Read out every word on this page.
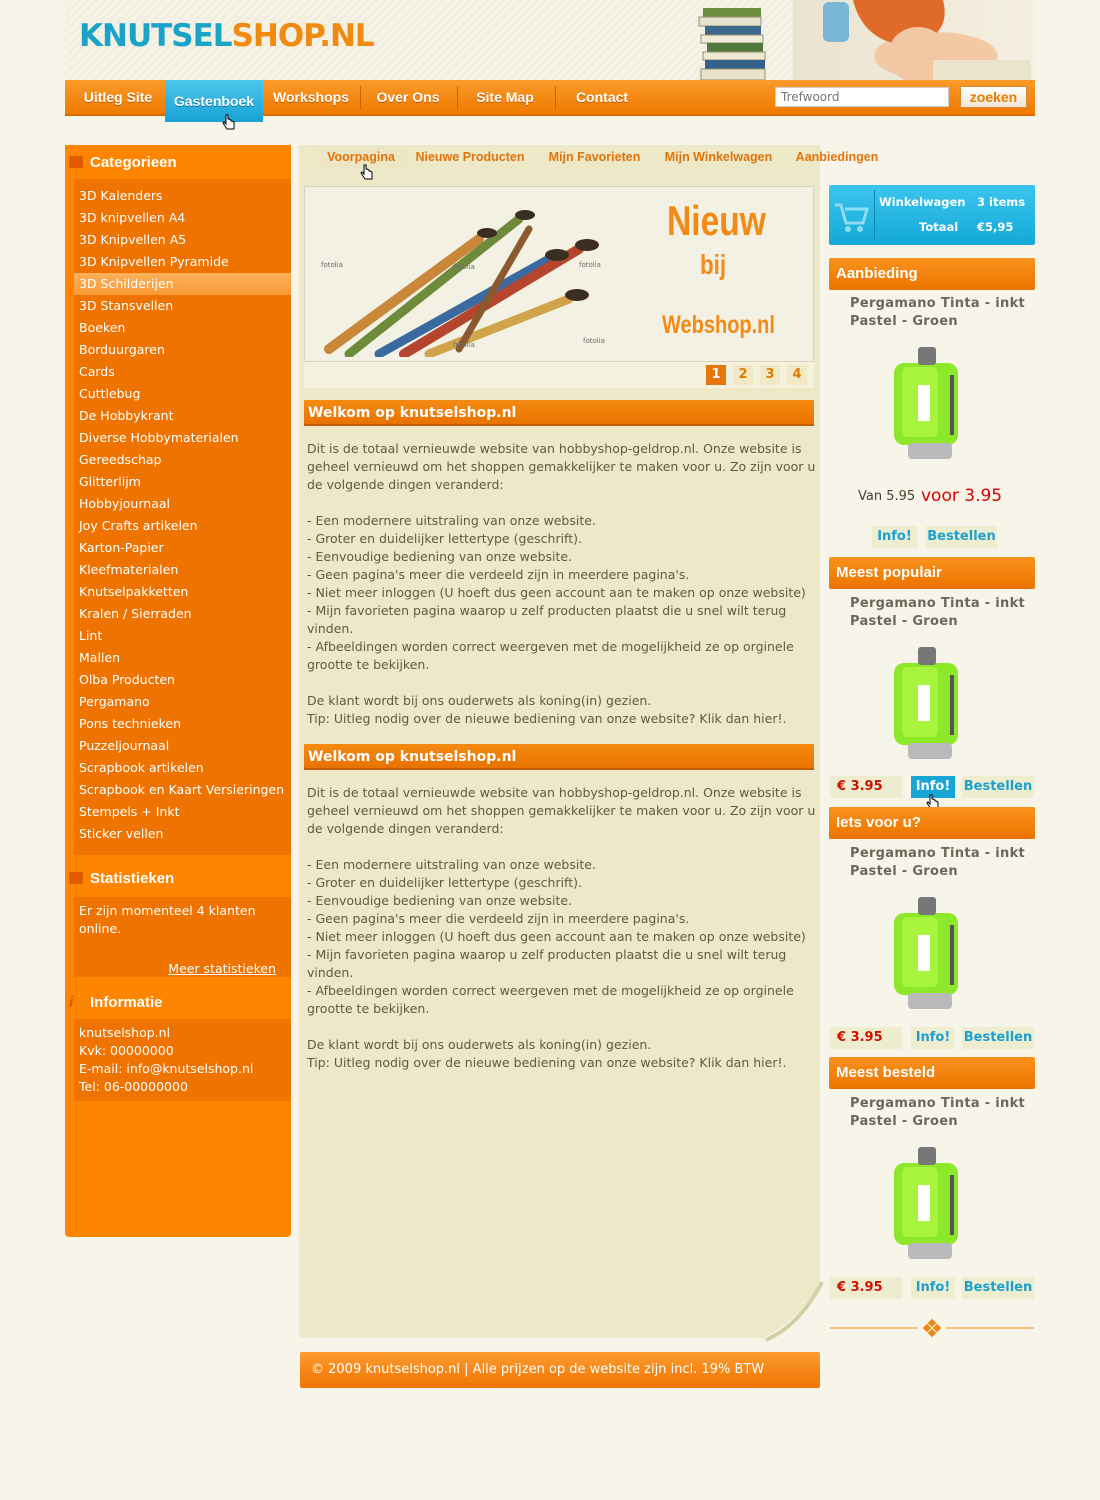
KNUTSELSHOP.NL
Uitleg Site	Gastenboek	Workshops	Over Ons	Site Map	Contact
Trefwoord	zoeken
Categorieen
3D Kalenders
3D knipvellen A4
3D Knipvellen A5
3D Knipvellen Pyramide
3D Schilderijen
3D Stansvellen
Boeken
Borduurgaren
Cards
Cuttlebug
De Hobbykrant
Diverse Hobbymaterialen
Gereedschap
Glitterlijm
Hobbyjournaal
Joy Crafts artikelen
Karton-Papier
Kleefmaterialen
Knutselpakketten
Kralen / Sierraden
Lint
Mallen
Olba Producten
Pergamano
Pons technieken
Puzzeljournaal
Scrapbook artikelen
Scrapbook en Kaart Versieringen
Stempels + Inkt
Sticker vellen
Statistieken
Er zijn momenteel 4 klanten online.
Meer statistieken
i	Informatie
knutselshop.nl
Kvk: 00000000
E-mail: info@knutselshop.nl
Tel: 06-00000000
Voorpagina	Nieuwe Producten	Mijn Favorieten	Mijn Winkelwagen	Aanbiedingen
fotolia	fotolia	fotolia
fotolia	fotolia
Nieuw
bij
Webshop.nl
1	2	3	4
Welkom op knutselshop.nl
Dit is de totaal vernieuwde website van hobbyshop-geldrop.nl. Onze website is geheel vernieuwd om het shoppen gemakkelijker te maken voor u. Zo zijn voor u de volgende dingen veranderd:

- Een modernere uitstraling van onze website.
- Groter en duidelijker lettertype (geschrift).
- Eenvoudige bediening van onze website.
- Geen pagina's meer die verdeeld zijn in meerdere pagina's.
- Niet meer inloggen (U hoeft dus geen account aan te maken op onze website)
- Mijn favorieten pagina waarop u zelf producten plaatst die u snel wilt terug vinden.
- Afbeeldingen worden correct weergeven met de mogelijkheid ze op orginele grootte te bekijken.

De klant wordt bij ons ouderwets als koning(in) gezien.
Tip: Uitleg nodig over de nieuwe bediening van onze website? Klik dan hier!.
Welkom op knutselshop.nl
Dit is de totaal vernieuwde website van hobbyshop-geldrop.nl. Onze website is geheel vernieuwd om het shoppen gemakkelijker te maken voor u. Zo zijn voor u de volgende dingen veranderd:

- Een modernere uitstraling van onze website.
- Groter en duidelijker lettertype (geschrift).
- Eenvoudige bediening van onze website.
- Geen pagina's meer die verdeeld zijn in meerdere pagina's.
- Niet meer inloggen (U hoeft dus geen account aan te maken op onze website)
- Mijn favorieten pagina waarop u zelf producten plaatst die u snel wilt terug vinden.
- Afbeeldingen worden correct weergeven met de mogelijkheid ze op orginele grootte te bekijken.

De klant wordt bij ons ouderwets als koning(in) gezien.
Tip: Uitleg nodig over de nieuwe bediening van onze website? Klik dan hier!.
Winkelwagen 3 items
Totaal €5,95
Aanbieding
Pergamano Tinta - inkt Pastel - Groen
Van 5.95 voor 3.95
Info!	Bestellen
Meest populair
Pergamano Tinta - inkt Pastel - Groen
€ 3.95	Info!	Bestellen
Iets voor u?
Pergamano Tinta - inkt Pastel - Groen
€ 3.95	Info!	Bestellen
Meest besteld
Pergamano Tinta - inkt Pastel - Groen
€ 3.95	Info!	Bestellen
© 2009 knutselshop.nl | Alle prijzen op de website zijn incl. 19% BTW
